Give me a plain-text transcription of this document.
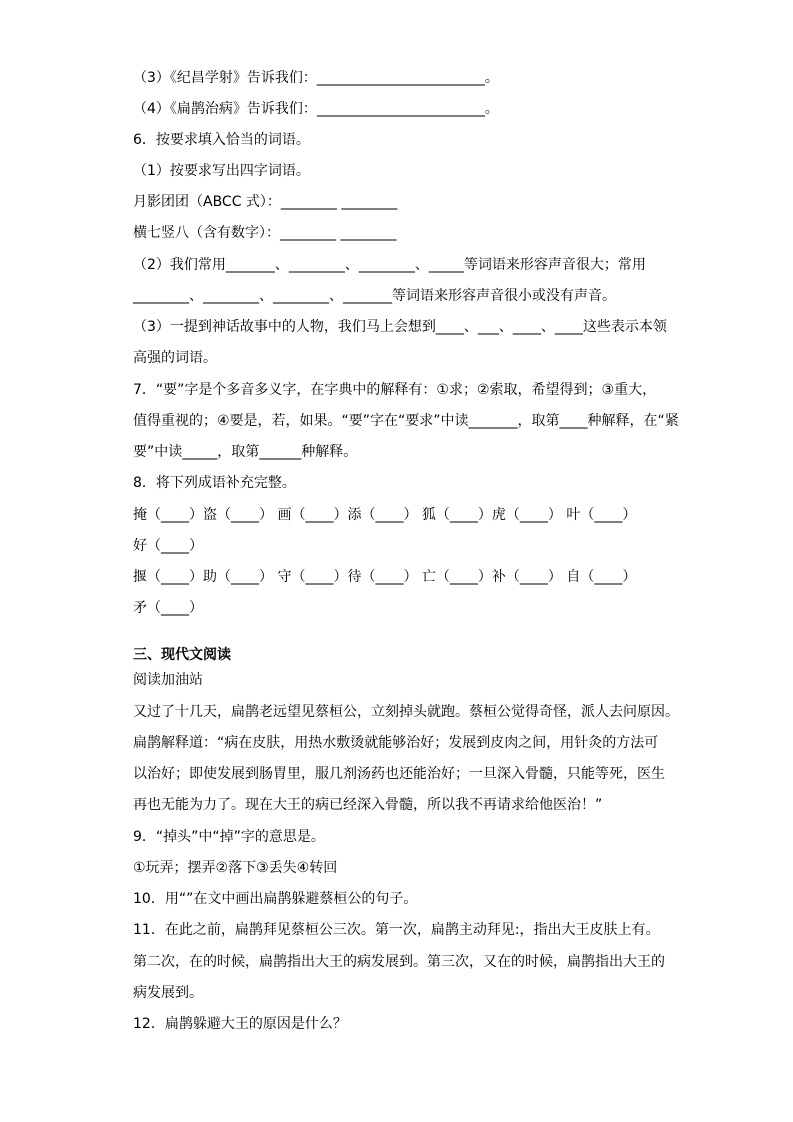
（3）《纪昌学射》告诉我们：________________________。
（4）《扁鹊治病》告诉我们：________________________。
6．按要求填入恰当的词语。
（1）按要求写出四字词语。
月影团团（ABCC 式）：________ ________
横七竖八（含有数字）：________ ________
（2）我们常用_______、________、________、_____等词语来形容声音很大；常用
________、________、________、_______等词语来形容声音很小或没有声音。
（3）一提到神话故事中的人物，我们马上会想到____、___、____、____这些表示本领
高强的词语。
7．“要”字是个多音多义字，在字典中的解释有：①求；②索取，希望得到；③重大，
值得重视的；④要是，若，如果。“要”字在“要求”中读_______，取第____种解释，在“紧
要”中读_____，取第______种解释。
8．将下列成语补充完整。
掩（____）盗（____） 画（____）添（____） 狐（____）虎（____） 叶（____）
好（____）
揠（____）助（____） 守（____）待（____） 亡（____）补（____） 自（____）
矛（____）
三、现代文阅读
阅读加油站
又过了十几天，扁鹊老远望见蔡桓公，立刻掉头就跑。蔡桓公觉得奇怪，派人去问原因。
扁鹊解释道：“病在皮肤，用热水敷烫就能够治好；发展到皮肉之间，用针灸的方法可
以治好；即使发展到肠胃里，服几剂汤药也还能治好；一旦深入骨髓，只能等死，医生
再也无能为力了。现在大王的病已经深入骨髓，所以我不再请求给他医治！”
9．“掉头”中“掉”字的意思是。
①玩弄；摆弄②落下③丢失④转回
10．用“”在文中画出扁鹊躲避蔡桓公的句子。
11．在此之前，扁鹊拜见蔡桓公三次。第一次，扁鹊主动拜见:，指出大王皮肤上有。
第二次，在的时候，扁鹊指出大王的病发展到。第三次，又在的时候，扁鹊指出大王的
病发展到。
12．扁鹊躲避大王的原因是什么？
